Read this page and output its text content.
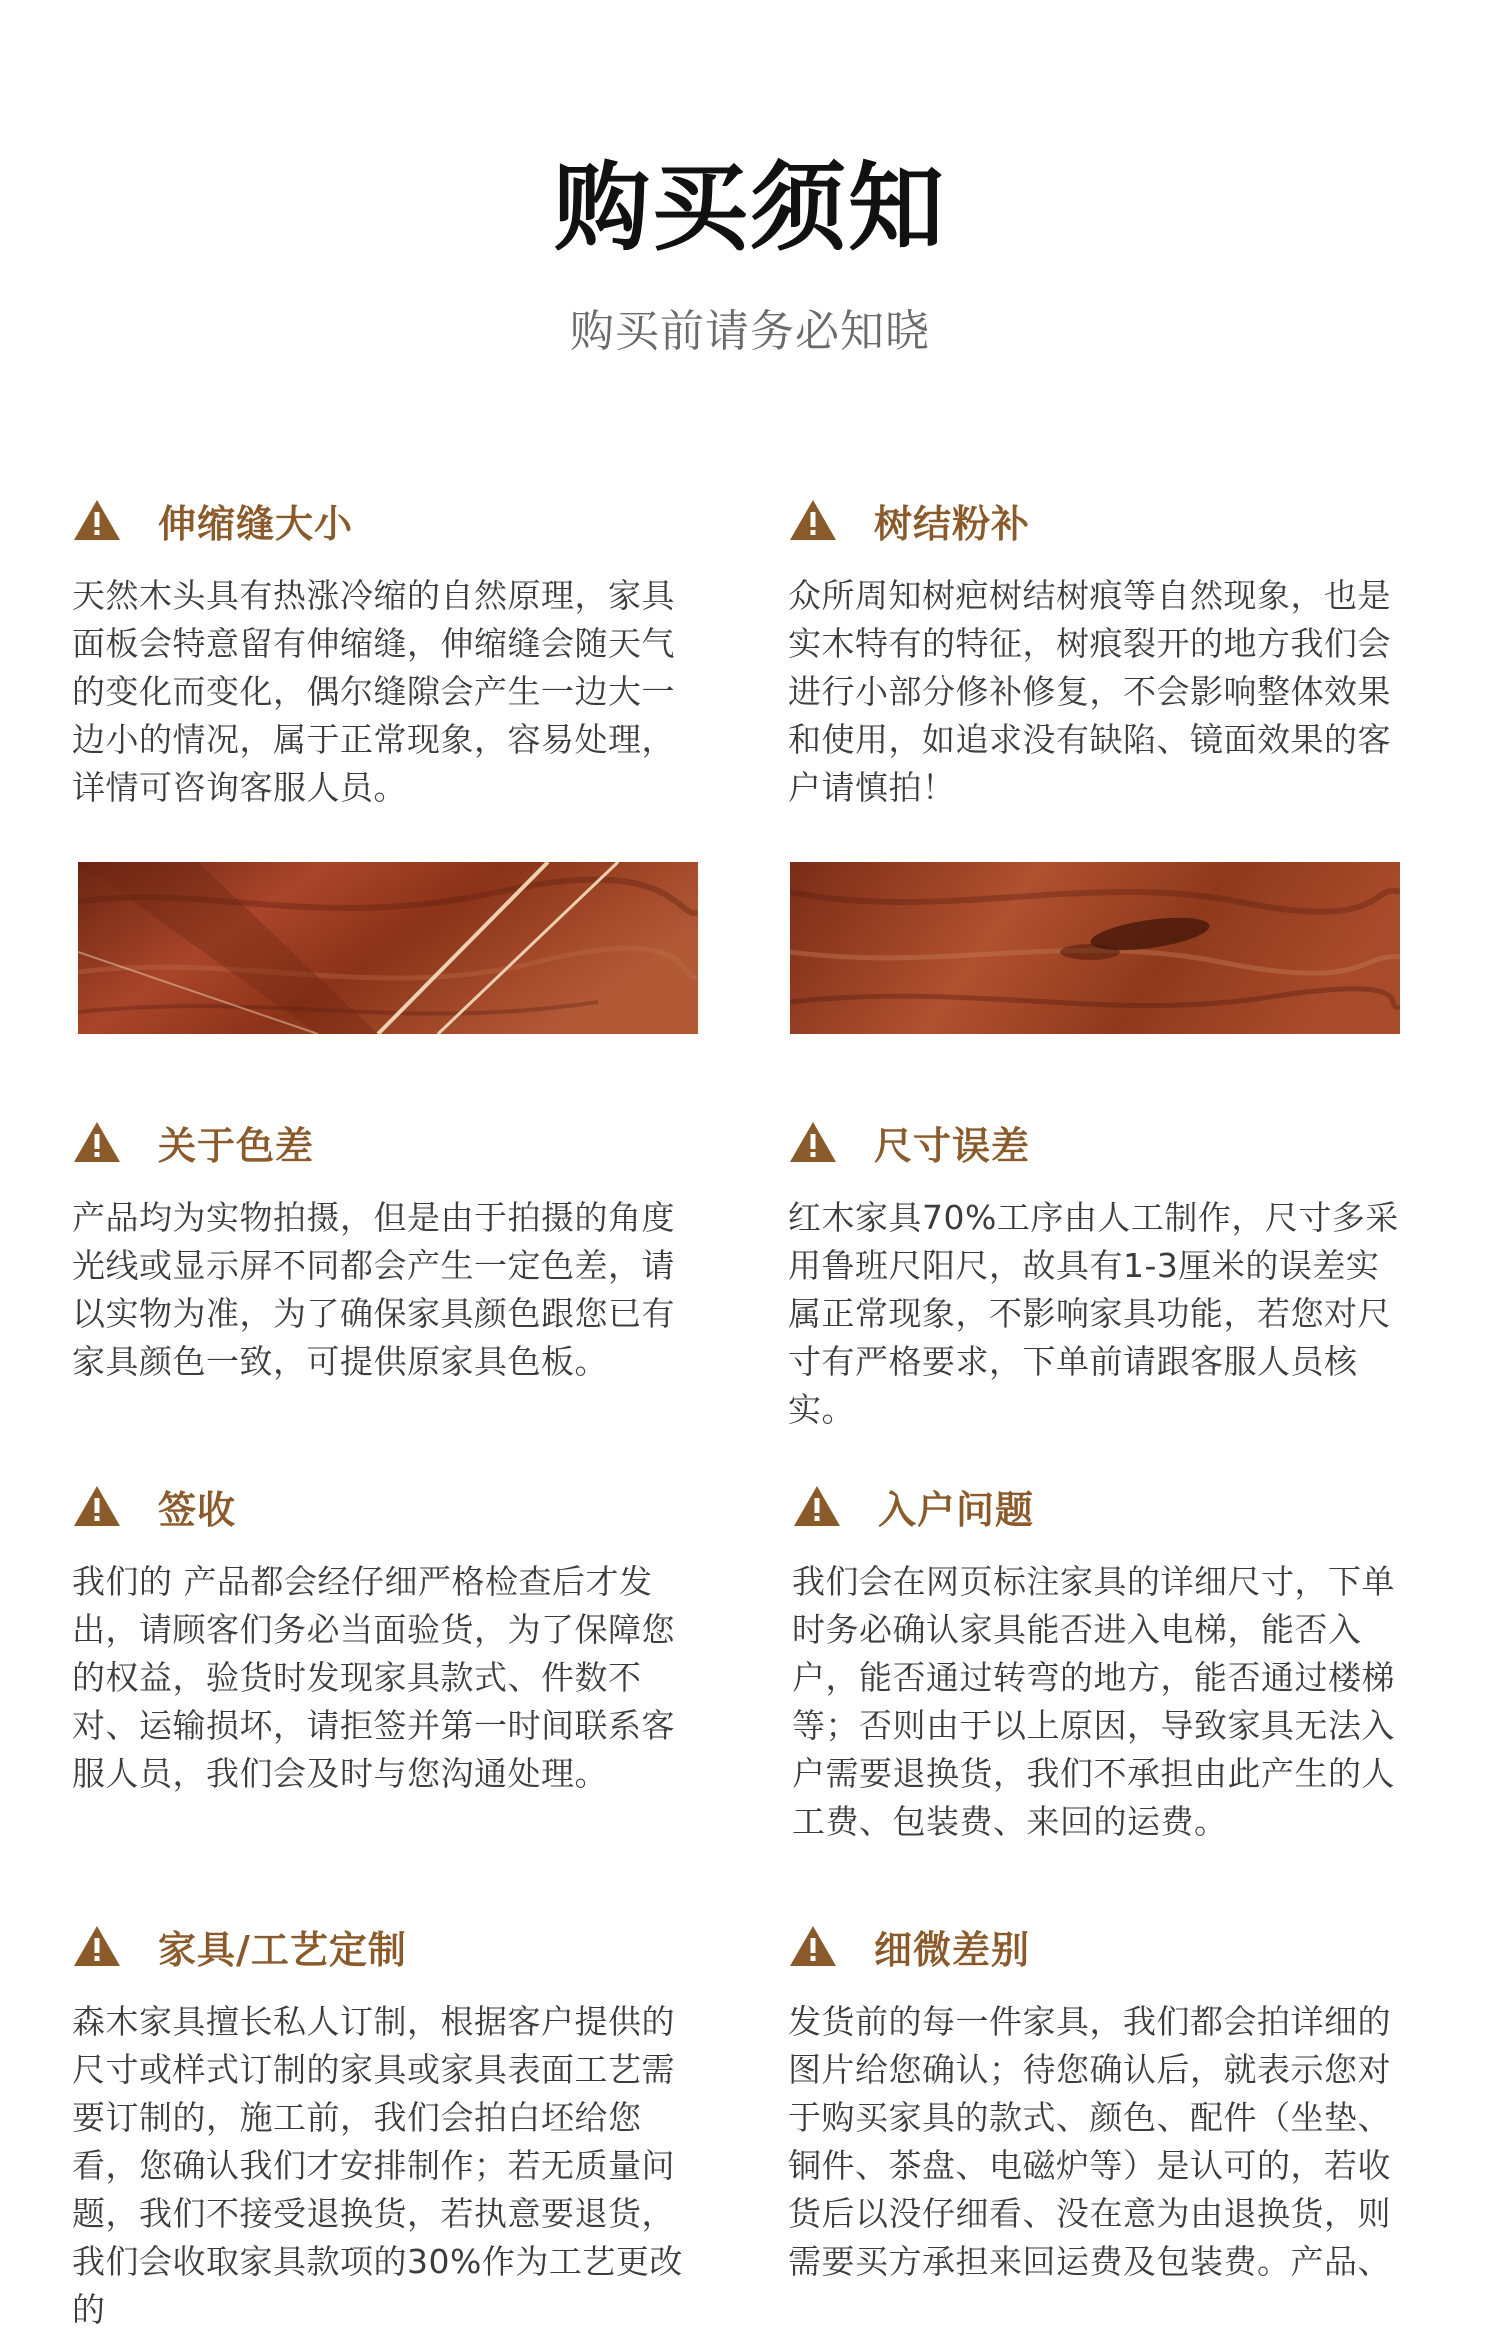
购买须知
购买前请务必知晓
伸缩缝大小
天然木头具有热涨冷缩的自然原理，家具面板会特意留有伸缩缝，伸缩缝会随天气的变化而变化，偶尔缝隙会产生一边大一边小的情况，属于正常现象，容易处理，详情可咨询客服人员。
树结粉补
众所周知树疤树结树痕等自然现象，也是实木特有的特征，树痕裂开的地方我们会进行小部分修补修复，不会影响整体效果和使用，如追求没有缺陷、镜面效果的客户请慎拍！
关于色差
产品均为实物拍摄，但是由于拍摄的角度光线或显示屏不同都会产生一定色差，请以实物为准，为了确保家具颜色跟您已有家具颜色一致，可提供原家具色板。
尺寸误差
红木家具70%工序由人工制作，尺寸多采用鲁班尺阳尺，故具有1-3厘米的误差实属正常现象，不影响家具功能，若您对尺寸有严格要求，下单前请跟客服人员核实。
签收
我们的 产品都会经仔细严格检查后才发出，请顾客们务必当面验货，为了保障您的权益，验货时发现家具款式、件数不对、运输损坏，请拒签并第一时间联系客服人员，我们会及时与您沟通处理。
入户问题
我们会在网页标注家具的详细尺寸，下单时务必确认家具能否进入电梯，能否入户，能否通过转弯的地方，能否通过楼梯等；否则由于以上原因，导致家具无法入户需要退换货，我们不承担由此产生的人工费、包装费、来回的运费。
家具/工艺定制
森木家具擅长私人订制，根据客户提供的尺寸或样式订制的家具或家具表面工艺需要订制的，施工前，我们会拍白坯给您看，您确认我们才安排制作；若无质量问题，我们不接受退换货，若执意要退货，我们会收取家具款项的30%作为工艺更改的
细微差别
发货前的每一件家具，我们都会拍详细的图片给您确认；待您确认后，就表示您对于购买家具的款式、颜色、配件（坐垫、铜件、茶盘、电磁炉等）是认可的，若收货后以没仔细看、没在意为由退换货，则需要买方承担来回运费及包装费。产品、
